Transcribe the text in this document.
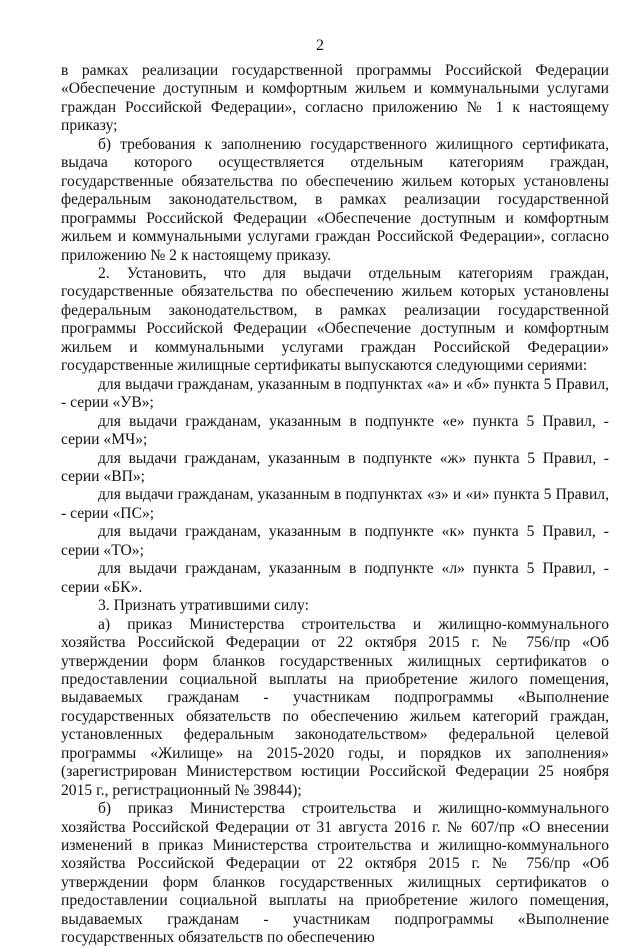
2

в рамках реализации государственной программы Российской Федерации «Обеспечение доступным и комфортным жильем и коммунальными услугами граждан Российской Федерации», согласно приложению № 1 к настоящему приказу;

б) требования к заполнению государственного жилищного сертификата, выдача которого осуществляется отдельным категориям граждан, государственные обязательства по обеспечению жильем которых установлены федеральным законодательством, в рамках реализации государственной программы Российской Федерации «Обеспечение доступным и комфортным жильем и коммунальными услугами граждан Российской Федерации», согласно приложению № 2 к настоящему приказу.

2. Установить, что для выдачи отдельным категориям граждан, государственные обязательства по обеспечению жильем которых установлены федеральным законодательством, в рамках реализации государственной программы Российской Федерации «Обеспечение доступным и комфортным жильем и коммунальными услугами граждан Российской Федерации» государственные жилищные сертификаты выпускаются следующими сериями:

для выдачи гражданам, указанным в подпунктах «а» и «б» пункта 5 Правил, - серии «УВ»;

для выдачи гражданам, указанным в подпункте «е» пункта 5 Правил, - серии «МЧ»;

для выдачи гражданам, указанным в подпункте «ж» пункта 5 Правил, - серии «ВП»;

для выдачи гражданам, указанным в подпунктах «з» и «и» пункта 5 Правил, - серии «ПС»;

для выдачи гражданам, указанным в подпункте «к» пункта 5 Правил, - серии «ТО»;

для выдачи гражданам, указанным в подпункте «л» пункта 5 Правил, - серии «БК».

3. Признать утратившими силу:

а) приказ Министерства строительства и жилищно-коммунального хозяйства Российской Федерации от 22 октября 2015 г. № 756/пр «Об утверждении форм бланков государственных жилищных сертификатов о предоставлении социальной выплаты на приобретение жилого помещения, выдаваемых гражданам - участникам подпрограммы «Выполнение государственных обязательств по обеспечению жильем категорий граждан, установленных федеральным законодательством» федеральной целевой программы «Жилище» на 2015-2020 годы, и порядков их заполнения» (зарегистрирован Министерством юстиции Российской Федерации 25 ноября 2015 г., регистрационный № 39844);

б) приказ Министерства строительства и жилищно-коммунального хозяйства Российской Федерации от 31 августа 2016 г. № 607/пр «О внесении изменений в приказ Министерства строительства и жилищно-коммунального хозяйства Российской Федерации от 22 октября 2015 г. № 756/пр «Об утверждении форм бланков государственных жилищных сертификатов о предоставлении социальной выплаты на приобретение жилого помещения, выдаваемых гражданам - участникам подпрограммы «Выполнение государственных обязательств по обеспечению
